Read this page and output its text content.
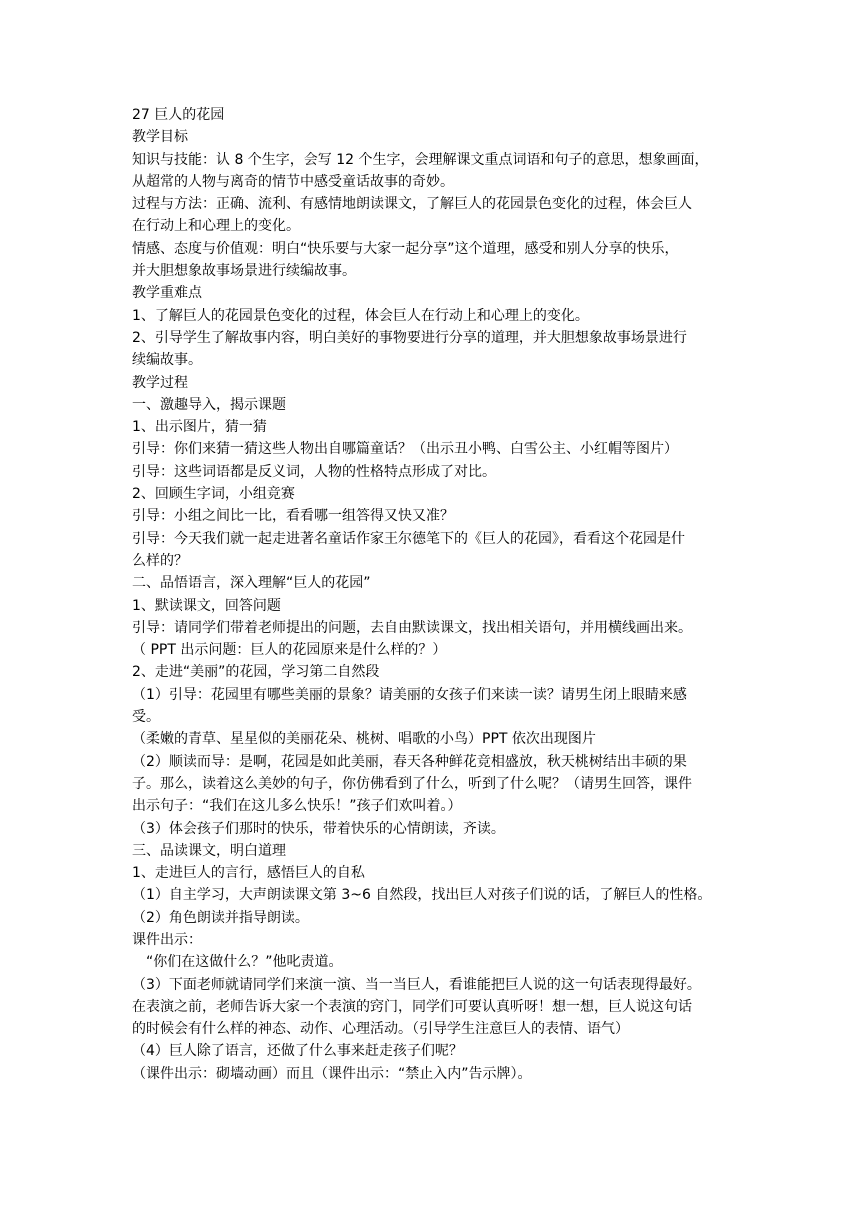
27 巨人的花园
教学目标
知识与技能：认 8 个生字，会写 12 个生字，会理解课文重点词语和句子的意思，想象画面，
从超常的人物与离奇的情节中感受童话故事的奇妙。
过程与方法：正确、流利、有感情地朗读课文，了解巨人的花园景色变化的过程，体会巨人
在行动上和心理上的变化。
情感、态度与价值观：明白“快乐要与大家一起分享”这个道理，感受和别人分享的快乐，
并大胆想象故事场景进行续编故事。
教学重难点
1、了解巨人的花园景色变化的过程，体会巨人在行动上和心理上的变化。
2、引导学生了解故事内容，明白美好的事物要进行分享的道理，并大胆想象故事场景进行
续编故事。
教学过程
一、激趣导入，揭示课题
1、出示图片，猜一猜
引导：你们来猜一猜这些人物出自哪篇童话？（出示丑小鸭、白雪公主、小红帽等图片）
引导：这些词语都是反义词，人物的性格特点形成了对比。
2、回顾生字词，小组竞赛
引导：小组之间比一比，看看哪一组答得又快又准？
引导：今天我们就一起走进著名童话作家王尔德笔下的《巨人的花园》，看看这个花园是什
么样的？
二、品悟语言，深入理解“巨人的花园”
1、默读课文，回答问题
引导：请同学们带着老师提出的问题，去自由默读课文，找出相关语句，并用横线画出来。
（ PPT 出示问题：巨人的花园原来是什么样的？）
2、走进“美丽”的花园，学习第二自然段
（1）引导：花园里有哪些美丽的景象？请美丽的女孩子们来读一读？请男生闭上眼睛来感
受。
（柔嫩的青草、星星似的美丽花朵、桃树、唱歌的小鸟）PPT 依次出现图片
（2）顺读而导：是啊，花园是如此美丽，春天各种鲜花竞相盛放，秋天桃树结出丰硕的果
子。那么，读着这么美妙的句子，你仿佛看到了什么，听到了什么呢？（请男生回答，课件
出示句子：“我们在这儿多么快乐！”孩子们欢叫着。）
（3）体会孩子们那时的快乐，带着快乐的心情朗读，齐读。
三、品读课文，明白道理
1、走进巨人的言行，感悟巨人的自私
（1）自主学习，大声朗读课文第 3~6 自然段，找出巨人对孩子们说的话，了解巨人的性格。
（2）角色朗读并指导朗读。
课件出示：
“你们在这做什么？”他叱责道。
（3）下面老师就请同学们来演一演、当一当巨人，看谁能把巨人说的这一句话表现得最好。
在表演之前，老师告诉大家一个表演的窍门，同学们可要认真听呀！想一想，巨人说这句话
的时候会有什么样的神态、动作、心理活动。（引导学生注意巨人的表情、语气）
（4）巨人除了语言，还做了什么事来赶走孩子们呢？
（课件出示：砌墙动画）而且（课件出示：“禁止入内”告示牌）。
